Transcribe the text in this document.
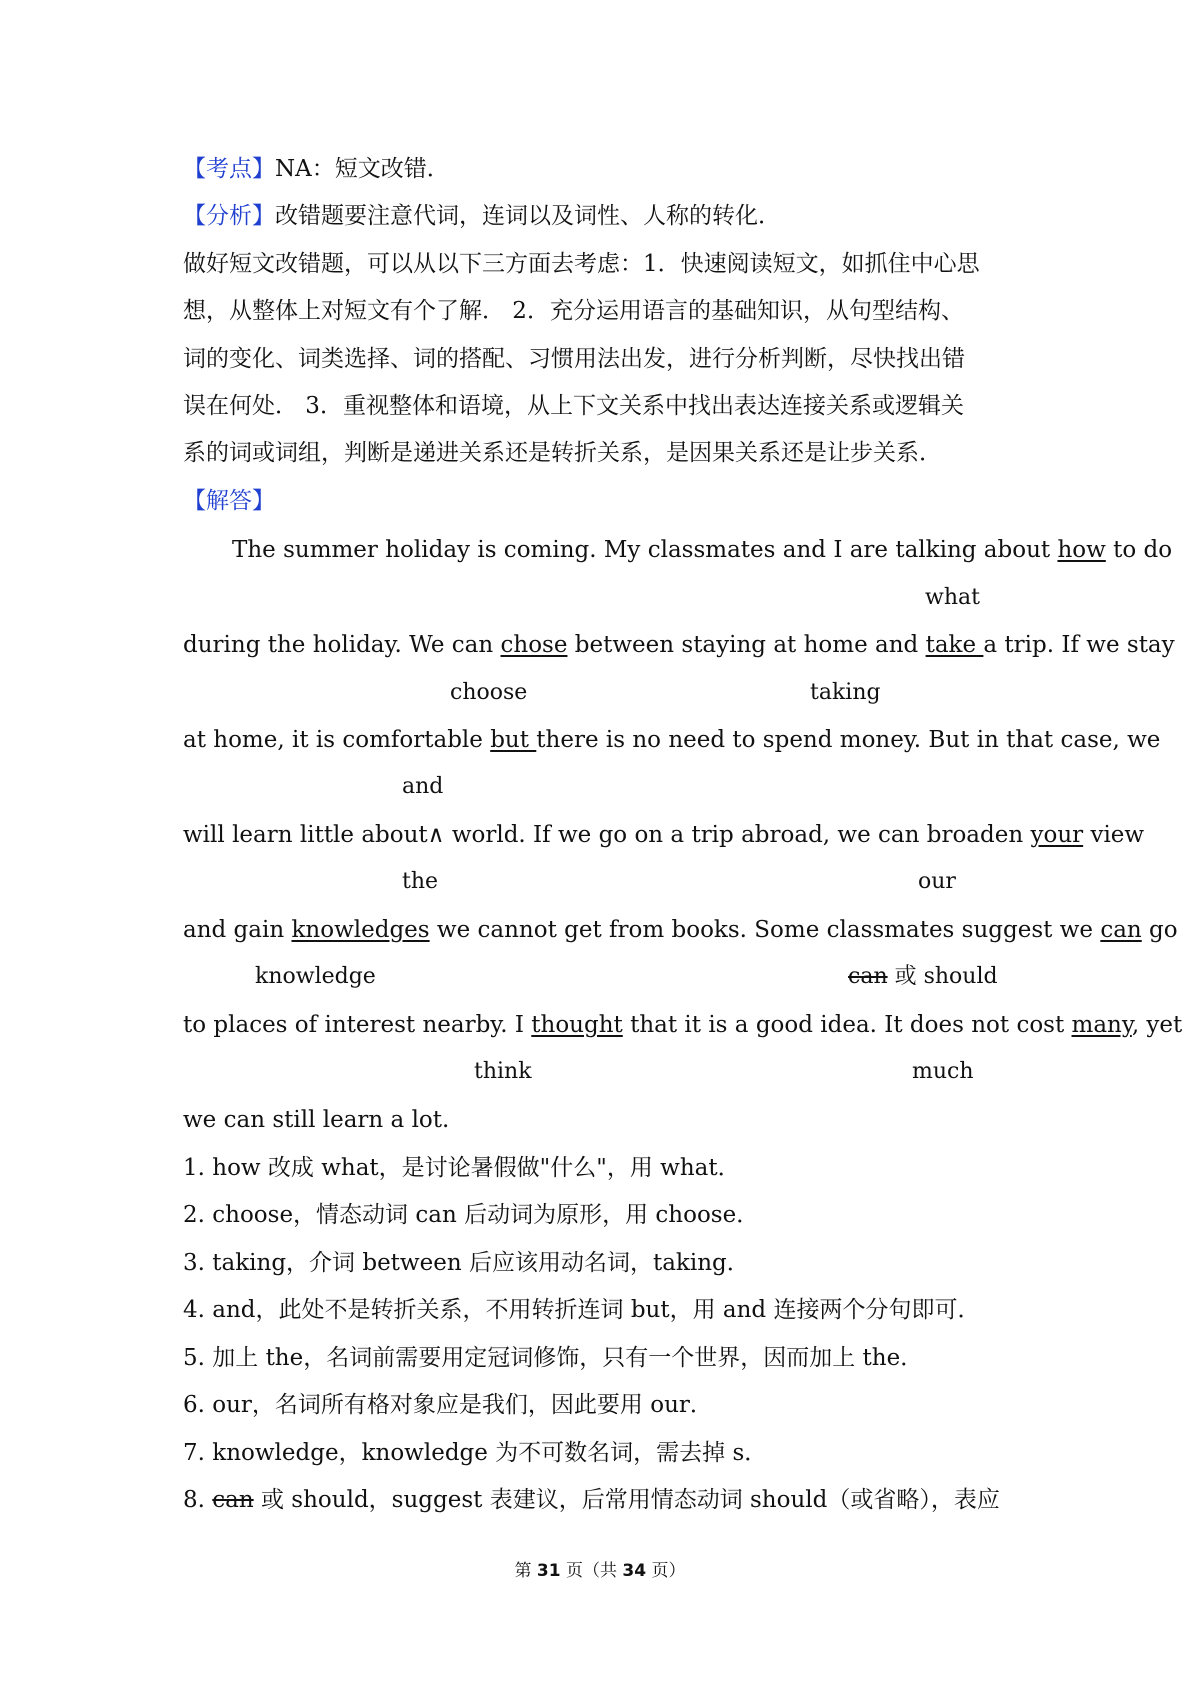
【考点】NA：短文改错．
【分析】改错题要注意代词，连词以及词性、人称的转化．
做好短文改错题，可以从以下三方面去考虑：1．快速阅读短文，如抓住中心思
想，从整体上对短文有个了解． 2．充分运用语言的基础知识，从句型结构、
词的变化、词类选择、词的搭配、习惯用法出发，进行分析判断，尽快找出错
误在何处． 3．重视整体和语境，从上下文关系中找出表达连接关系或逻辑关
系的词或词组，判断是递进关系还是转折关系，是因果关系还是让步关系．
【解答】
The summer holiday is coming. My classmates and I are talking about how to do
what
during the holiday. We can chose between staying at home and take a trip. If we stay
choose	taking
at home, it is comfortable but there is no need to spend money. But in that case, we
and
will learn little about∧ world. If we go on a trip abroad, we can broaden your view
the	our
and gain knowledges we cannot get from books. Some classmates suggest we can go
knowledge	can 或 should
to places of interest nearby. I thought that it is a good idea. It does not cost many, yet
think	much
we can still learn a lot.
1. how 改成 what，是讨论暑假做"什么"，用 what．
2. choose，情态动词 can 后动词为原形，用 choose．
3. taking，介词 between 后应该用动名词，taking．
4. and，此处不是转折关系，不用转折连词 but，用 and 连接两个分句即可．
5. 加上 the，名词前需要用定冠词修饰，只有一个世界，因而加上 the．
6. our，名词所有格对象应是我们，因此要用 our．
7. knowledge，knowledge 为不可数名词，需去掉 s．
8. can 或 should，suggest 表建议，后常用情态动词 should（或省略），表应
第 31 页（共 34 页）
